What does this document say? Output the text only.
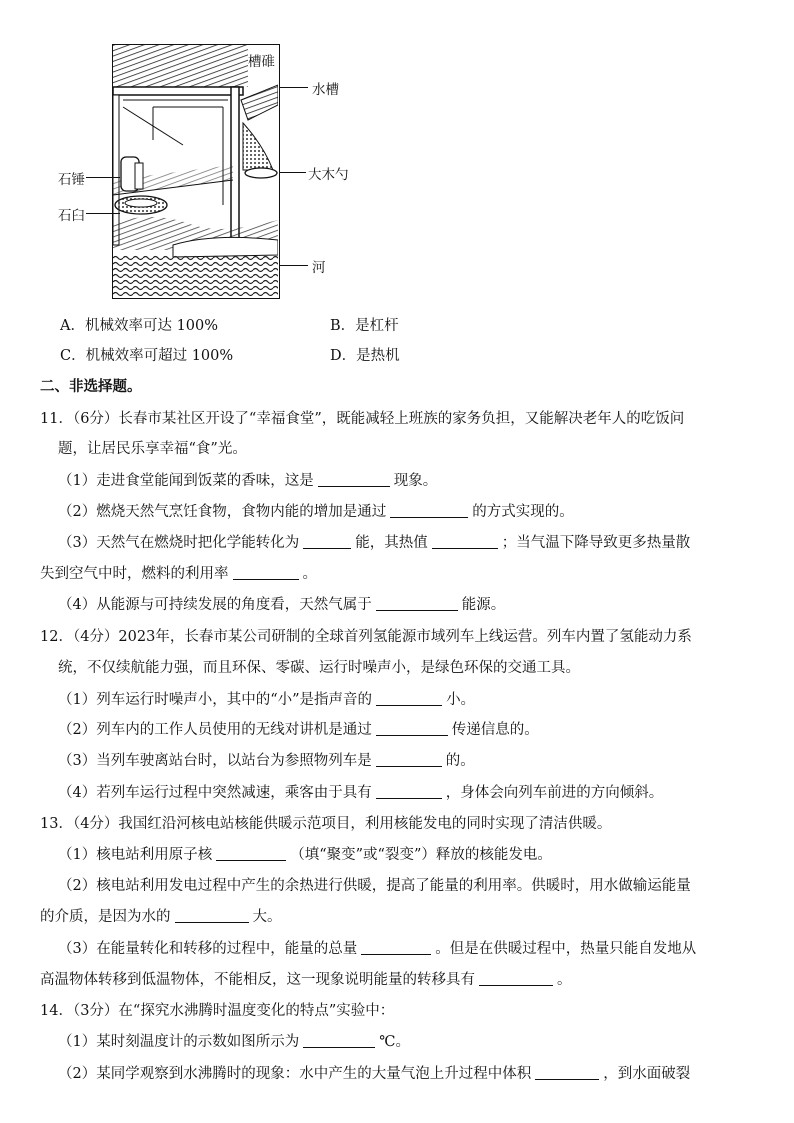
槽碓
水槽
大木勺
石锤
石臼
河
A．机械效率可达 100%	B．是杠杆
C．机械效率可超过 100%	D．是热机
二、非选择题。
11．（6分）长春市某社区开设了“幸福食堂”，既能减轻上班族的家务负担，又能解决老年人的吃饭问
题，让居民乐享幸福“食”光。
（1）走进食堂能闻到饭菜的香味，这是	现象。
（2）燃烧天然气烹饪食物，食物内能的增加是通过	的方式实现的。
（3）天然气在燃烧时把化学能转化为	能，其热值	；当气温下降导致更多热量散
失到空气中时，燃料的利用率	。
（4）从能源与可持续发展的角度看，天然气属于	能源。
12．（4分）2023年，长春市某公司研制的全球首列氢能源市域列车上线运营。列车内置了氢能动力系
统，不仅续航能力强，而且环保、零碳、运行时噪声小，是绿色环保的交通工具。
（1）列车运行时噪声小，其中的“小”是指声音的	小。
（2）列车内的工作人员使用的无线对讲机是通过	传递信息的。
（3）当列车驶离站台时，以站台为参照物列车是	的。
（4）若列车运行过程中突然减速，乘客由于具有	，身体会向列车前进的方向倾斜。
13．（4分）我国红沿河核电站核能供暖示范项目，利用核能发电的同时实现了清洁供暖。
（1）核电站利用原子核	（填“聚变”或“裂变”）释放的核能发电。
（2）核电站利用发电过程中产生的余热进行供暖，提高了能量的利用率。供暖时，用水做输运能量
的介质，是因为水的	大。
（3）在能量转化和转移的过程中，能量的总量	。但是在供暖过程中，热量只能自发地从
高温物体转移到低温物体，不能相反，这一现象说明能量的转移具有	。
14．（3分）在“探究水沸腾时温度变化的特点”实验中：
（1）某时刻温度计的示数如图所示为	℃。
（2）某同学观察到水沸腾时的现象：水中产生的大量气泡上升过程中体积	，到水面破裂
